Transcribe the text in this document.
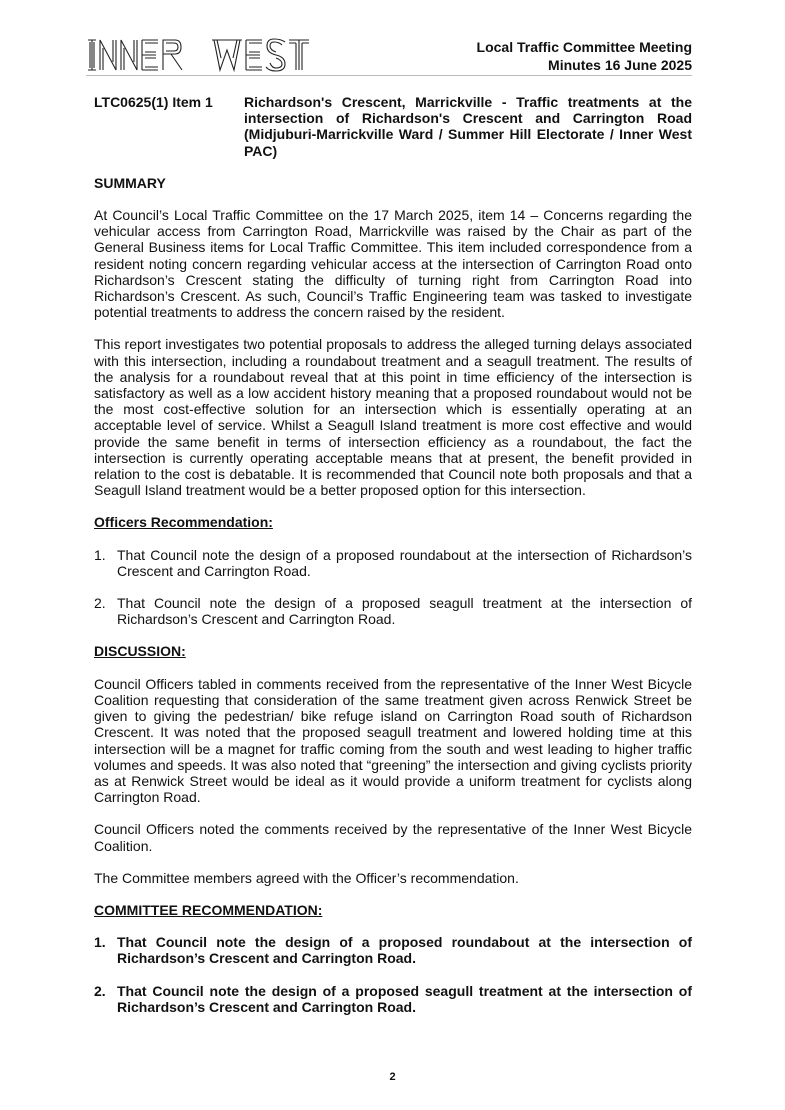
Local Traffic Committee Meeting
Minutes 16 June 2025
LTC0625(1) Item 1	Richardson's Crescent, Marrickville - Traffic treatments at the intersection of Richardson's Crescent and Carrington Road (Midjuburi-Marrickville Ward / Summer Hill Electorate / Inner West PAC)

SUMMARY

At Council’s Local Traffic Committee on the 17 March 2025, item 14 – Concerns regarding the vehicular access from Carrington Road, Marrickville was raised by the Chair as part of the General Business items for Local Traffic Committee. This item included correspondence from a resident noting concern regarding vehicular access at the intersection of Carrington Road onto Richardson’s Crescent stating the difficulty of turning right from Carrington Road into Richardson’s Crescent. As such, Council’s Traffic Engineering team was tasked to investigate potential treatments to address the concern raised by the resident.

This report investigates two potential proposals to address the alleged turning delays associated with this intersection, including a roundabout treatment and a seagull treatment. The results of the analysis for a roundabout reveal that at this point in time efficiency of the intersection is satisfactory as well as a low accident history meaning that a proposed roundabout would not be the most cost-effective solution for an intersection which is essentially operating at an acceptable level of service. Whilst a Seagull Island treatment is more cost effective and would provide the same benefit in terms of intersection efficiency as a roundabout, the fact the intersection is currently operating acceptable means that at present, the benefit provided in relation to the cost is debatable. It is recommended that Council note both proposals and that a Seagull Island treatment would be a better proposed option for this intersection.

Officers Recommendation:

1. That Council note the design of a proposed roundabout at the intersection of Richardson’s Crescent and Carrington Road.
2. That Council note the design of a proposed seagull treatment at the intersection of Richardson’s Crescent and Carrington Road.

DISCUSSION:

Council Officers tabled in comments received from the representative of the Inner West Bicycle Coalition requesting that consideration of the same treatment given across Renwick Street be given to giving the pedestrian/ bike refuge island on Carrington Road south of Richardson Crescent. It was noted that the proposed seagull treatment and lowered holding time at this intersection will be a magnet for traffic coming from the south and west leading to higher traffic volumes and speeds. It was also noted that “greening” the intersection and giving cyclists priority as at Renwick Street would be ideal as it would provide a uniform treatment for cyclists along Carrington Road.

Council Officers noted the comments received by the representative of the Inner West Bicycle Coalition.

The Committee members agreed with the Officer’s recommendation.

COMMITTEE RECOMMENDATION:

1. That Council note the design of a proposed roundabout at the intersection of Richardson’s Crescent and Carrington Road.
2. That Council note the design of a proposed seagull treatment at the intersection of Richardson’s Crescent and Carrington Road.
2
